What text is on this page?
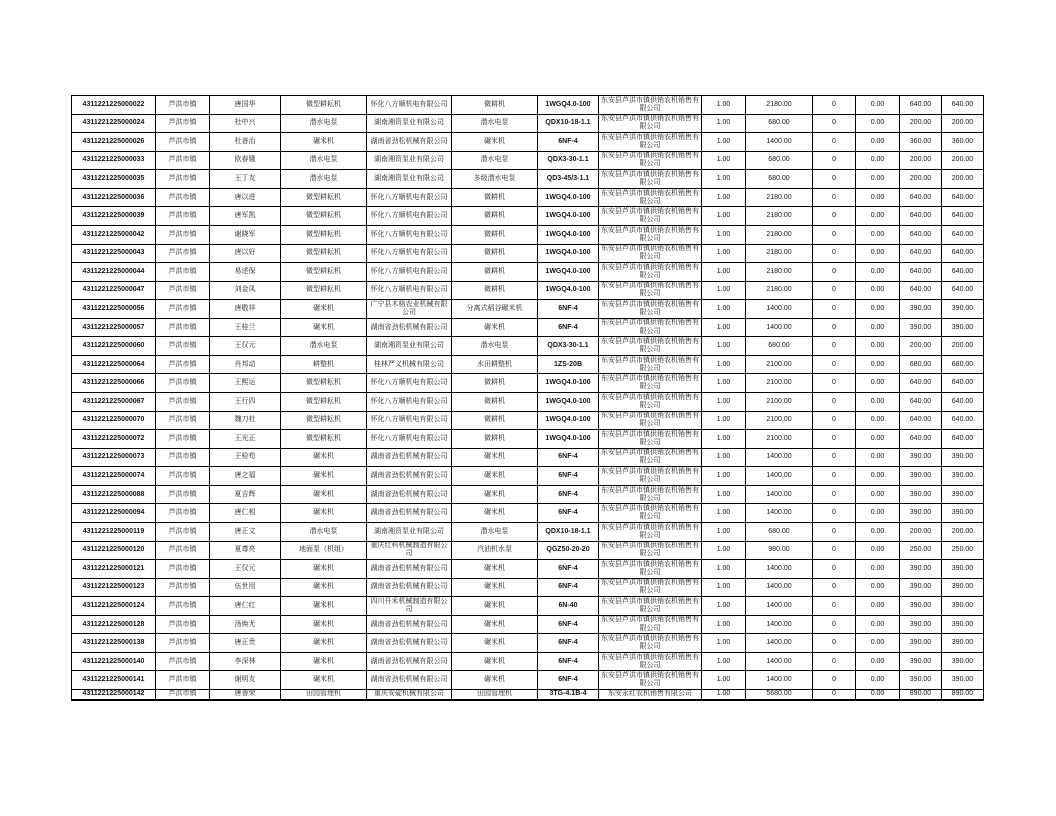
4311221225000022	芦洪市镇	唐国华	微型耕耘机	怀化八方顺机电有限公司	微耕机	1WGQ4.0-100	东安县芦洪市镇供销农机销售有限公司	1.00	2180.00	0	0.00	640.00	640.00
4311221225000024	芦洪市镇	杜中兴	潜水电泵	湖南湘资泵业有限公司	潜水电泵	QDX10-18-1.1	东安县芦洪市镇供销农机销售有限公司	1.00	680.00	0	0.00	200.00	200.00
4311221225000026	芦洪市镇	杜善治	碾米机	湖南省劲松机械有限公司	碾米机	6NF-4	东安县芦洪市镇供销农机销售有限公司	1.00	1400.00	0	0.00	360.00	360.00
4311221225000033	芦洪市镇	欧春娥	潜水电泵	湖南湘资泵业有限公司	潜水电泵	QDX3-30-1.1	东安县芦洪市镇供销农机销售有限公司	1.00	680.00	0	0.00	200.00	200.00
4311221225000035	芦洪市镇	王丁友	潜水电泵	湖南湘资泵业有限公司	多级潜水电泵	QD3-45/3-1.1	东安县芦洪市镇供销农机销售有限公司	1.00	680.00	0	0.00	200.00	200.00
4311221225000036	芦洪市镇	唐以进	微型耕耘机	怀化八方顺机电有限公司	微耕机	1WGQ4.0-100	东安县芦洪市镇供销农机销售有限公司	1.00	2180.00	0	0.00	640.00	640.00
4311221225000039	芦洪市镇	唐军凯	微型耕耘机	怀化八方顺机电有限公司	微耕机	1WGQ4.0-100	东安县芦洪市镇供销农机销售有限公司	1.00	2180.00	0	0.00	640.00	640.00
4311221225000042	芦洪市镇	谢晓军	微型耕耘机	怀化八方顺机电有限公司	微耕机	1WGQ4.0-100	东安县芦洪市镇供销农机销售有限公司	1.00	2180.00	0	0.00	640.00	640.00
4311221225000043	芦洪市镇	唐以好	微型耕耘机	怀化八方顺机电有限公司	微耕机	1WGQ4.0-100	东安县芦洪市镇供销农机销售有限公司	1.00	2180.00	0	0.00	640.00	640.00
4311221225000044	芦洪市镇	易述保	微型耕耘机	怀化八方顺机电有限公司	微耕机	1WGQ4.0-100	东安县芦洪市镇供销农机销售有限公司	1.00	2180.00	0	0.00	640.00	640.00
4311221225000047	芦洪市镇	刘金凤	微型耕耘机	怀化八方顺机电有限公司	微耕机	1WGQ4.0-100	东安县芦洪市镇供销农机销售有限公司	1.00	2180.00	0	0.00	640.00	640.00
4311221225000056	芦洪市镇	唐敬祥	碾米机	广宁县木格农业机械有限公司	分离式稻谷碾米机	6NF-4	东安县芦洪市镇供销农机销售有限公司	1.00	1400.00	0	0.00	390.00	390.00
4311221225000057	芦洪市镇	王桂兰	碾米机	湖南省劲松机械有限公司	碾米机	6NF-4	东安县芦洪市镇供销农机销售有限公司	1.00	1400.00	0	0.00	390.00	390.00
4311221225000060	芦洪市镇	王仅元	潜水电泵	湖南湘资泵业有限公司	潜水电泵	QDX3-30-1.1	东安县芦洪市镇供销农机销售有限公司	1.00	680.00	0	0.00	200.00	200.00
4311221225000064	芦洪市镇	肖邦动	耕整机	桂林严义机械有限公司	水田耕整机	1ZS-20B	东安县芦洪市镇供销农机销售有限公司	1.00	2100.00	0	0.00	680.00	680.00
4311221225000066	芦洪市镇	王熙运	微型耕耘机	怀化八方顺机电有限公司	微耕机	1WGQ4.0-100	东安县芦洪市镇供销农机销售有限公司	1.00	2100.00	0	0.00	640.00	640.00
4311221225000067	芦洪市镇	王行四	微型耕耘机	怀化八方顺机电有限公司	微耕机	1WGQ4.0-100	东安县芦洪市镇供销农机销售有限公司	1.00	2100.00	0	0.00	640.00	640.00
4311221225000070	芦洪市镇	魏刀杜	微型耕耘机	怀化八方顺机电有限公司	微耕机	1WGQ4.0-100	东安县芦洪市镇供销农机销售有限公司	1.00	2100.00	0	0.00	640.00	640.00
4311221225000072	芦洪市镇	王光正	微型耕耘机	怀化八方顺机电有限公司	微耕机	1WGQ4.0-100	东安县芦洪市镇供销农机销售有限公司	1.00	2100.00	0	0.00	640.00	640.00
4311221225000073	芦洪市镇	王检苟	碾米机	湖南省劲松机械有限公司	碾米机	6NF-4	东安县芦洪市镇供销农机销售有限公司	1.00	1400.00	0	0.00	390.00	390.00
4311221225000074	芦洪市镇	唐之福	碾米机	湖南省劲松机械有限公司	碾米机	6NF-4	东安县芦洪市镇供销农机销售有限公司	1.00	1400.00	0	0.00	390.00	390.00
4311221225000088	芦洪市镇	夏吉辉	碾米机	湖南省劲松机械有限公司	碾米机	6NF-4	东安县芦洪市镇供销农机销售有限公司	1.00	1400.00	0	0.00	390.00	390.00
4311221225000094	芦洪市镇	唐仁相	碾米机	湖南省劲松机械有限公司	碾米机	6NF-4	东安县芦洪市镇供销农机销售有限公司	1.00	1400.00	0	0.00	390.00	390.00
4311221225000119	芦洪市镇	唐正文	潜水电泵	湖南湘资泵业有限公司	潜水电泵	QDX10-18-1.1	东安县芦洪市镇供销农机销售有限公司	1.00	680.00	0	0.00	200.00	200.00
4311221225000120	芦洪市镇	夏尊亮	地面泵（机组）	重庆红科机械制造有限公司	汽油机水泵	QGZ50-20-20	东安县芦洪市镇供销农机销售有限公司	1.00	980.00	0	0.00	250.00	250.00
4311221225000121	芦洪市镇	王仅元	碾米机	湖南省劲松机械有限公司	碾米机	6NF-4	东安县芦洪市镇供销农机销售有限公司	1.00	1400.00	0	0.00	390.00	390.00
4311221225000123	芦洪市镇	伍世用	碾米机	湖南省劲松机械有限公司	碾米机	6NF-4	东安县芦洪市镇供销农机销售有限公司	1.00	1400.00	0	0.00	390.00	390.00
4311221225000124	芦洪市镇	唐仁红	碾米机	四川升禾机械制造有限公司	碾米机	6N-40	东安县芦洪市镇供销农机销售有限公司	1.00	1400.00	0	0.00	390.00	390.00
4311221225000128	芦洪市镇	汤焕尤	碾米机	湖南省劲松机械有限公司	碾米机	6NF-4	东安县芦洪市镇供销农机销售有限公司	1.00	1400.00	0	0.00	390.00	390.00
4311221225000138	芦洪市镇	唐正贵	碾米机	湖南省劲松机械有限公司	碾米机	6NF-4	东安县芦洪市镇供销农机销售有限公司	1.00	1400.00	0	0.00	390.00	390.00
4311221225000140	芦洪市镇	李深林	碾米机	湖南省劲松机械有限公司	碾米机	6NF-4	东安县芦洪市镇供销农机销售有限公司	1.00	1400.00	0	0.00	390.00	390.00
4311221225000141	芦洪市镇	谢明友	碾米机	湖南省劲松机械有限公司	碾米机	6NF-4	东安县芦洪市镇供销农机销售有限公司	1.00	1400.00	0	0.00	390.00	390.00
4311221225000142	芦洪市镇	唐善荣	田园管理机	重庆安碇机械有限公司	田园管理机	3TG-4.1B-4	东安永红农机销售有限公司	1.00	5680.00	0	0.00	890.00	890.00
